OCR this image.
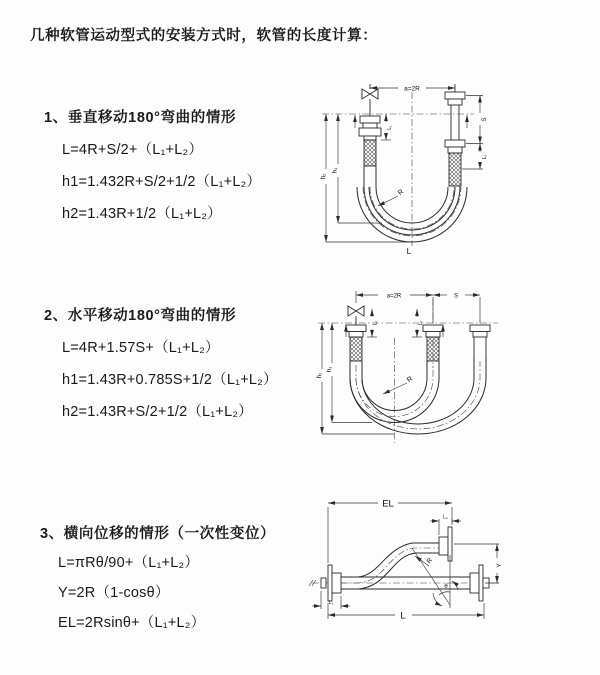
几种软管运动型式的安装方式时，软管的长度计算：
1、垂直移动180°弯曲的情形
L=4R+S/2+（L₁+L₂）
h1=1.432R+S/2+1/2（L₁+L₂）
h2=1.43R+1/2（L₁+L₂）
2、水平移动180°弯曲的情形
L=4R+1.57S+（L₁+L₂）
h1=1.43R+0.785S+1/2（L₁+L₂）
h2=1.43R+S/2+1/2（L₁+L₂）
3、横向位移的情形（一次性变位）
L=πRθ/90+（L₁+L₂）
Y=2R（1-cosθ）
EL=2Rsinθ+（L₁+L₂）
a=2R
h₂
h₁
L₁
S
L₂
R
L
a=2R	S
h₂
h₁
L₁	L₂
R
θ
EL
L₂
Y
L
L₁
R
